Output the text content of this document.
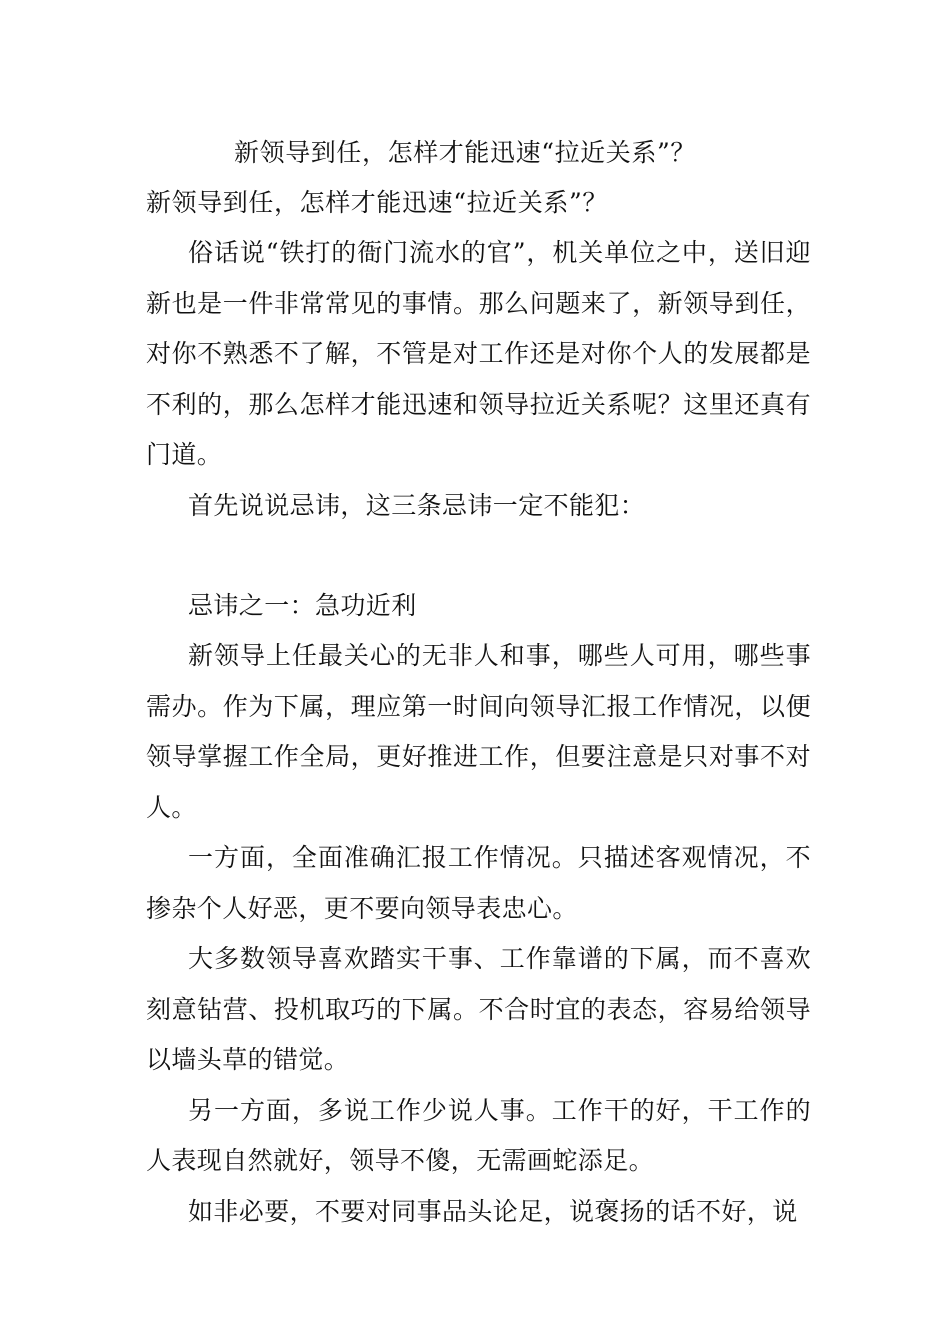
新领导到任，怎样才能迅速“拉近关系”？

新领导到任，怎样才能迅速“拉近关系”？

俗话说“铁打的衙门流水的官”，机关单位之中，送旧迎新也是一件非常常见的事情。那么问题来了，新领导到任，对你不熟悉不了解，不管是对工作还是对你个人的发展都是不利的，那么怎样才能迅速和领导拉近关系呢？这里还真有门道。

首先说说忌讳，这三条忌讳一定不能犯：

忌讳之一：急功近利

新领导上任最关心的无非人和事，哪些人可用，哪些事需办。作为下属，理应第一时间向领导汇报工作情况，以便领导掌握工作全局，更好推进工作，但要注意是只对事不对人。

一方面，全面准确汇报工作情况。只描述客观情况，不掺杂个人好恶，更不要向领导表忠心。

大多数领导喜欢踏实干事、工作靠谱的下属，而不喜欢刻意钻营、投机取巧的下属。不合时宜的表态，容易给领导以墙头草的错觉。

另一方面，多说工作少说人事。工作干的好，干工作的人表现自然就好，领导不傻，无需画蛇添足。

如非必要，不要对同事品头论足，说褒扬的话不好，说
